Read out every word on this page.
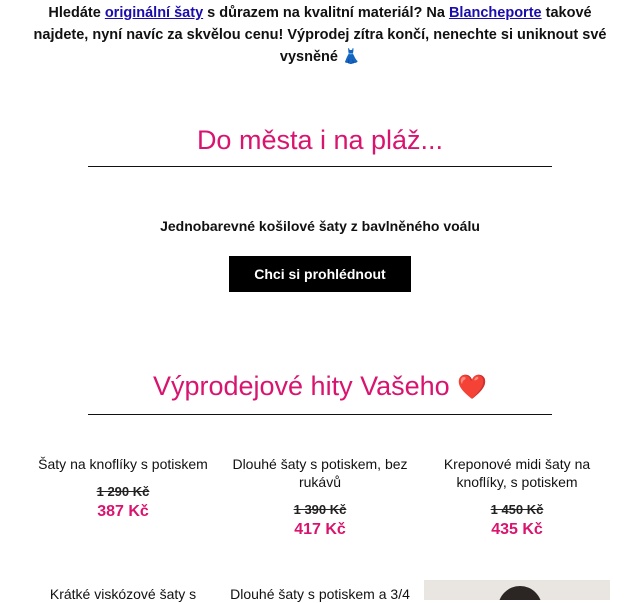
Hledáte originální šaty s důrazem na kvalitní materiál? Na Blancheporte takové najdete, nyní navíc za skvělou cenu! Výprodej zítra končí, nenechte si uniknout své vysněné 👗
Do města i na pláž...
Jednobarevné košilové šaty z bavlněného voálu
Chci si prohlédnout
Výprodejové hity Vašeho ❤️
Šaty na knoflíky s potiskem
1 290 Kč
387 Kč
Dlouhé šaty s potiskem, bez rukávů
1 390 Kč
417 Kč
Kreponové midi šaty na knoflíky, s potiskem
1 450 Kč
435 Kč
Krátké viskózové šaty s	Dlouhé šaty s potiskem a 3/4
